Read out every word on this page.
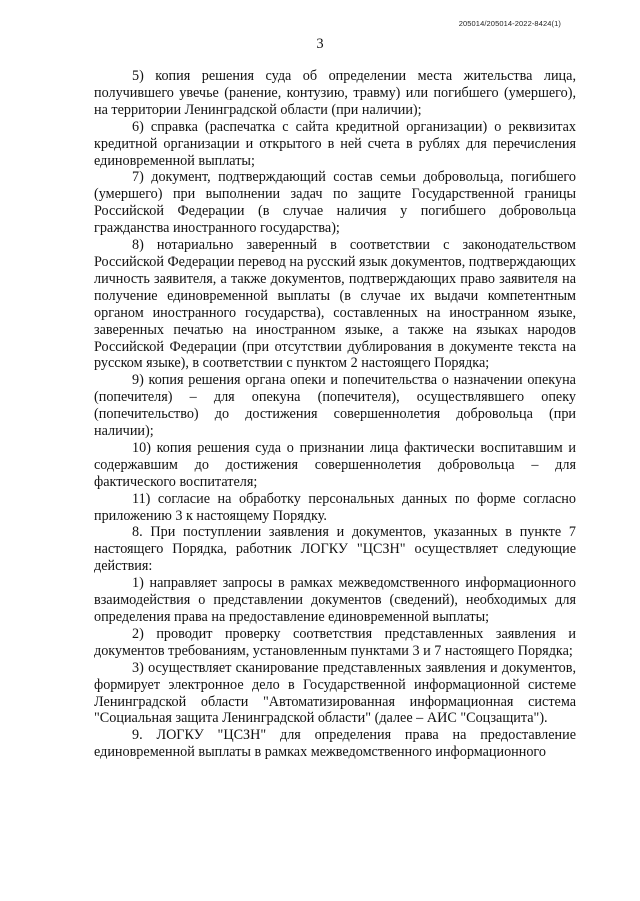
205014/205014-2022-8424(1)
3

5) копия решения суда об определении места жительства лица, получившего увечье (ранение, контузию, травму) или погибшего (умершего), на территории Ленинградской области (при наличии);

6) справка (распечатка с сайта кредитной организации) о реквизитах кредитной организации и открытого в ней счета в рублях для перечисления единовременной выплаты;

7) документ, подтверждающий состав семьи добровольца, погибшего (умершего) при выполнении задач по защите Государственной границы Российской Федерации (в случае наличия у погибшего добровольца гражданства иностранного государства);

8) нотариально заверенный в соответствии с законодательством Российской Федерации перевод на русский язык документов, подтверждающих личность заявителя, а также документов, подтверждающих право заявителя на получение единовременной выплаты (в случае их выдачи компетентным органом иностранного государства), составленных на иностранном языке, заверенных печатью на иностранном языке, а также на языках народов Российской Федерации (при отсутствии дублирования в документе текста на русском языке), в соответствии с пунктом 2 настоящего Порядка;

9) копия решения органа опеки и попечительства о назначении опекуна (попечителя) – для опекуна (попечителя), осуществлявшего опеку (попечительство) до достижения совершеннолетия добровольца (при наличии);

10) копия решения суда о признании лица фактически воспитавшим и содержавшим до достижения совершеннолетия добровольца – для фактического воспитателя;

11) согласие на обработку персональных данных по форме согласно приложению 3 к настоящему Порядку.

8. При поступлении заявления и документов, указанных в пункте 7 настоящего Порядка, работник ЛОГКУ "ЦСЗН" осуществляет следующие действия:

1) направляет запросы в рамках межведомственного информационного взаимодействия о представлении документов (сведений), необходимых для определения права на предоставление единовременной выплаты;

2) проводит проверку соответствия представленных заявления и документов требованиям, установленным пунктами 3 и 7 настоящего Порядка;

3) осуществляет сканирование представленных заявления и документов, формирует электронное дело в Государственной информационной системе Ленинградской области "Автоматизированная информационная система "Социальная защита Ленинградской области" (далее – АИС "Соцзащита").

9. ЛОГКУ "ЦСЗН" для определения права на предоставление единовременной выплаты в рамках межведомственного информационного
